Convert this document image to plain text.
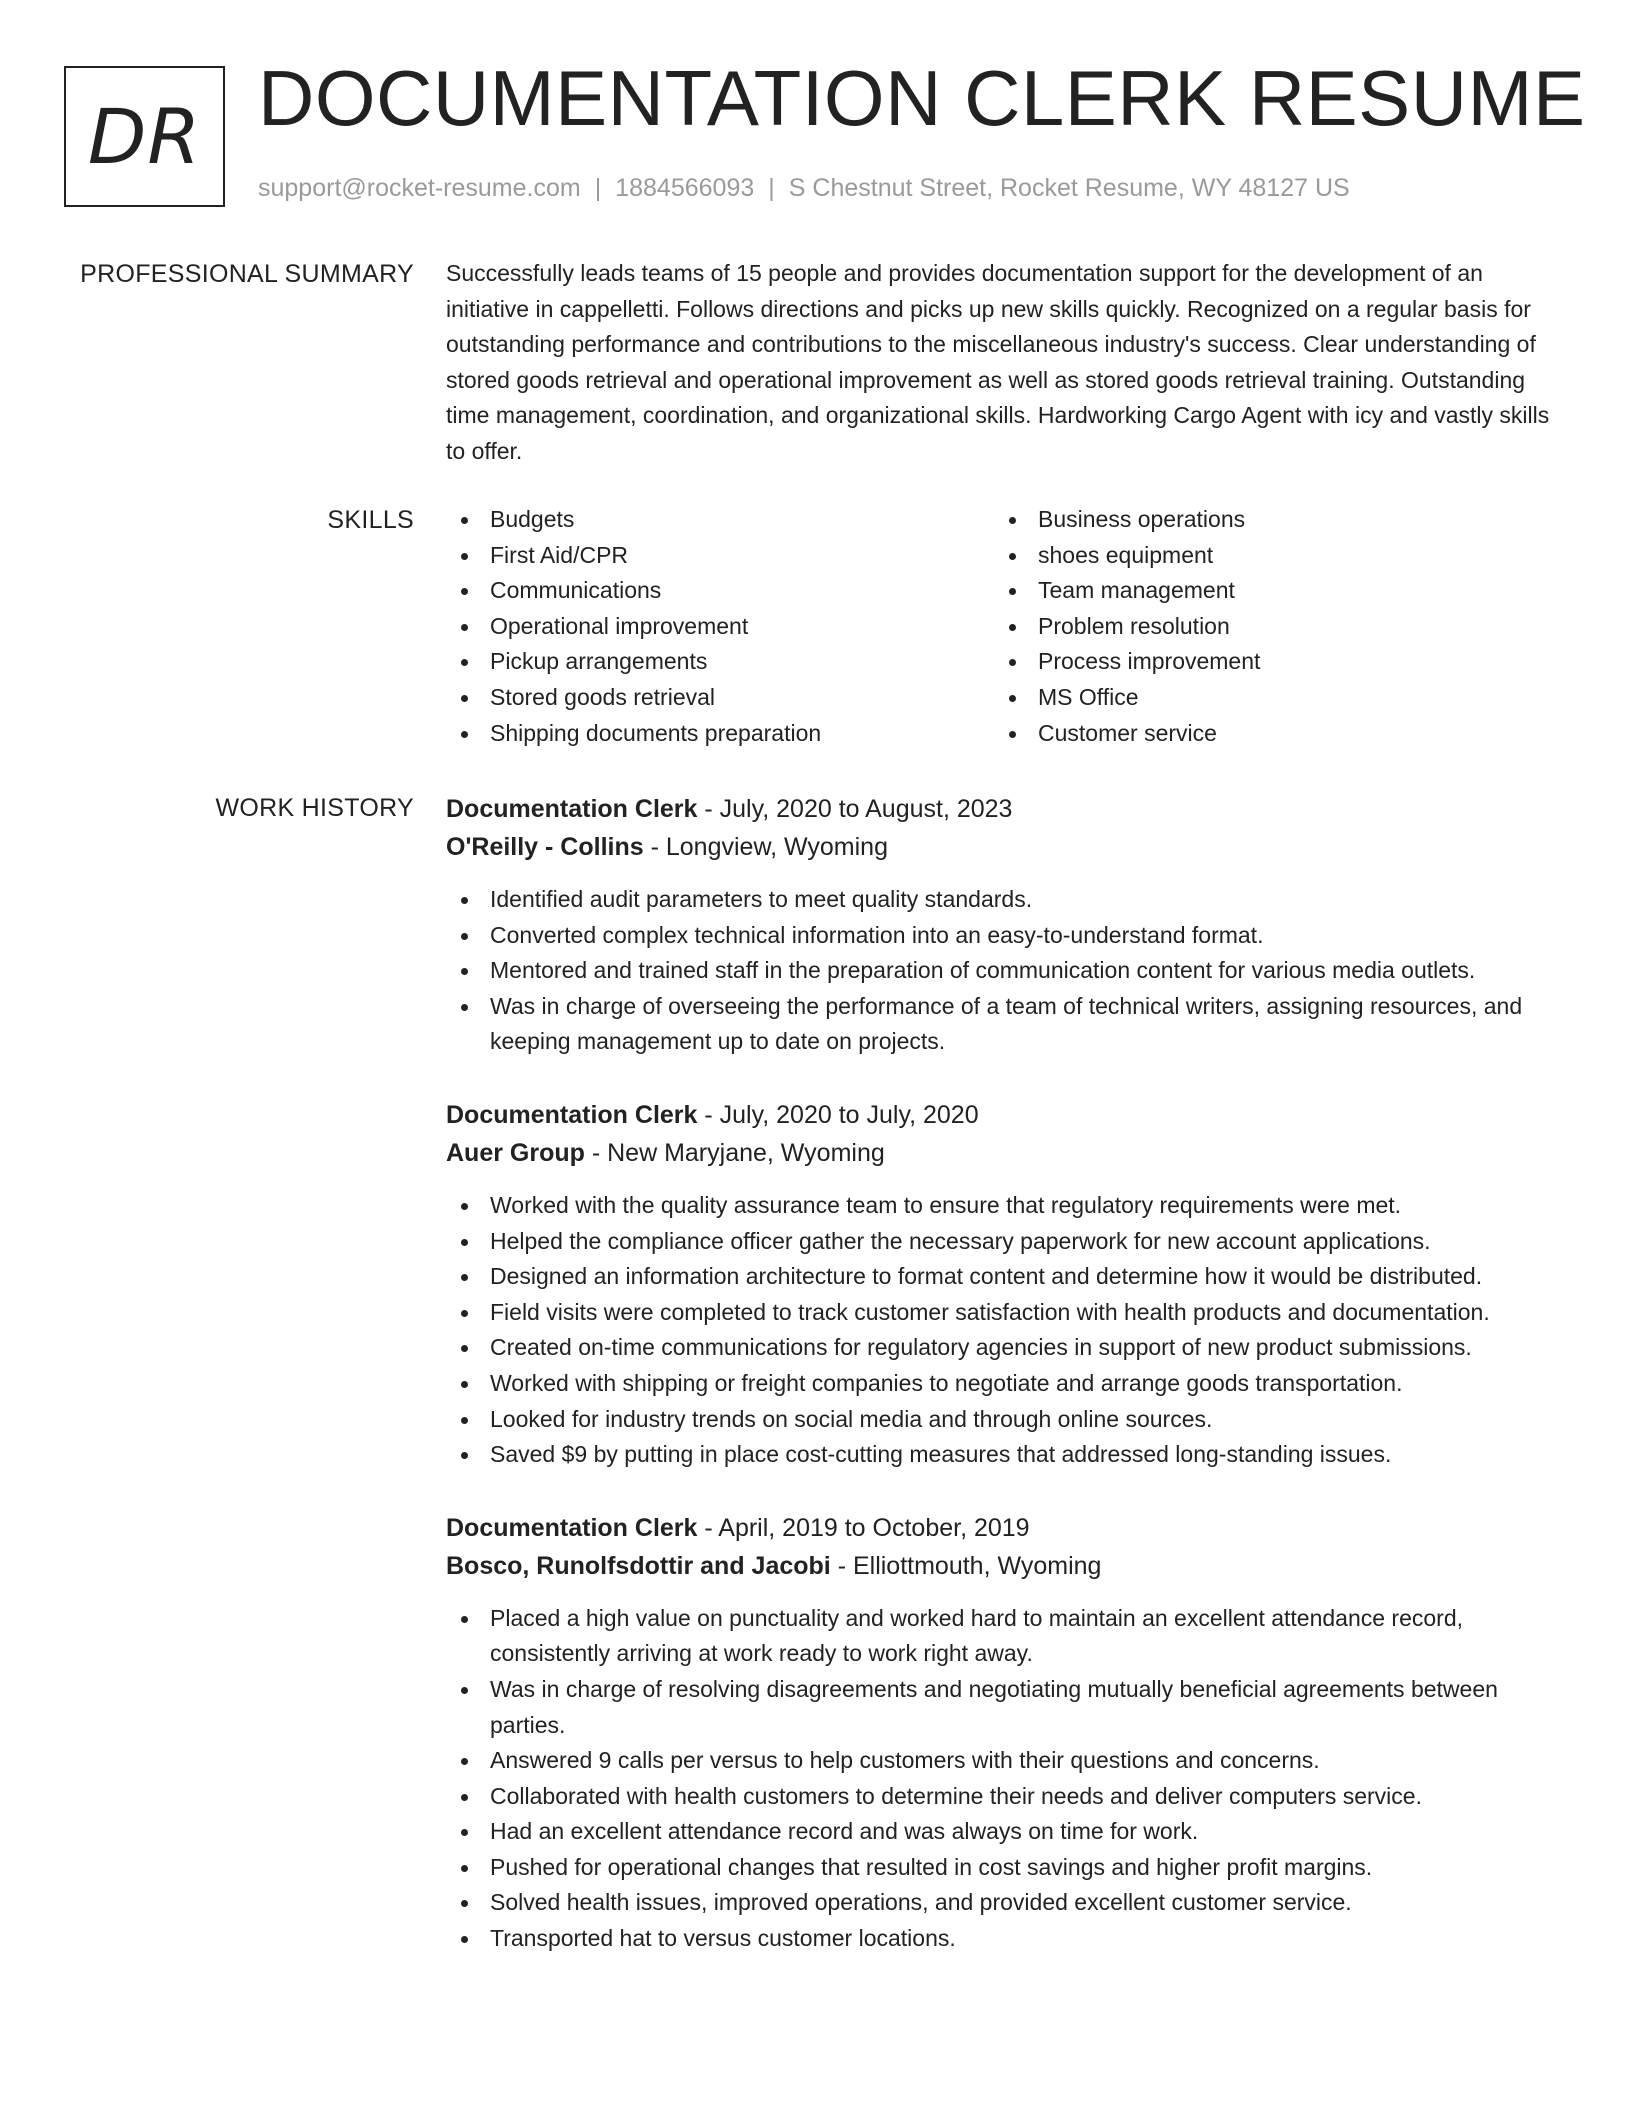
DR DOCUMENTATION CLERK RESUME
support@rocket-resume.com | 1884566093 | S Chestnut Street, Rocket Resume, WY 48127 US
PROFESSIONAL SUMMARY Successfully leads teams of 15 people and provides documentation support for the development of an initiative in cappelletti. Follows directions and picks up new skills quickly. Recognized on a regular basis for outstanding performance and contributions to the miscellaneous industry's success. Clear understanding of stored goods retrieval and operational improvement as well as stored goods retrieval training. Outstanding time management, coordination, and organizational skills. Hardworking Cargo Agent with icy and vastly skills to offer.

SKILLS	Budgets
First Aid/CPR
Communications
Operational improvement
Pickup arrangements
Stored goods retrieval
Shipping documents preparation
Business operations
shoes equipment
Team management
Problem resolution
Process improvement
MS Office
Customer service
WORK HISTORY Documentation Clerk - July, 2020 to August, 2023

O'Reilly - Collins - Longview, Wyoming

Identified audit parameters to meet quality standards.
Converted complex technical information into an easy-to-understand format.
Mentored and trained staff in the preparation of communication content for various media outlets.
Was in charge of overseeing the performance of a team of technical writers, assigning resources, and keeping management up to date on projects.

Documentation Clerk - July, 2020 to July, 2020

Auer Group - New Maryjane, Wyoming

Worked with the quality assurance team to ensure that regulatory requirements were met.
Helped the compliance officer gather the necessary paperwork for new account applications.
Designed an information architecture to format content and determine how it would be distributed.
Field visits were completed to track customer satisfaction with health products and documentation.
Created on-time communications for regulatory agencies in support of new product submissions.
Worked with shipping or freight companies to negotiate and arrange goods transportation.
Looked for industry trends on social media and through online sources.
Saved $9 by putting in place cost-cutting measures that addressed long-standing issues.

Documentation Clerk - April, 2019 to October, 2019

Bosco, Runolfsdottir and Jacobi - Elliottmouth, Wyoming

Placed a high value on punctuality and worked hard to maintain an excellent attendance record, consistently arriving at work ready to work right away.
Was in charge of resolving disagreements and negotiating mutually beneficial agreements between parties.
Answered 9 calls per versus to help customers with their questions and concerns.
Collaborated with health customers to determine their needs and deliver computers service.
Had an excellent attendance record and was always on time for work.
Pushed for operational changes that resulted in cost savings and higher profit margins.
Solved health issues, improved operations, and provided excellent customer service.
Transported hat to versus customer locations.
